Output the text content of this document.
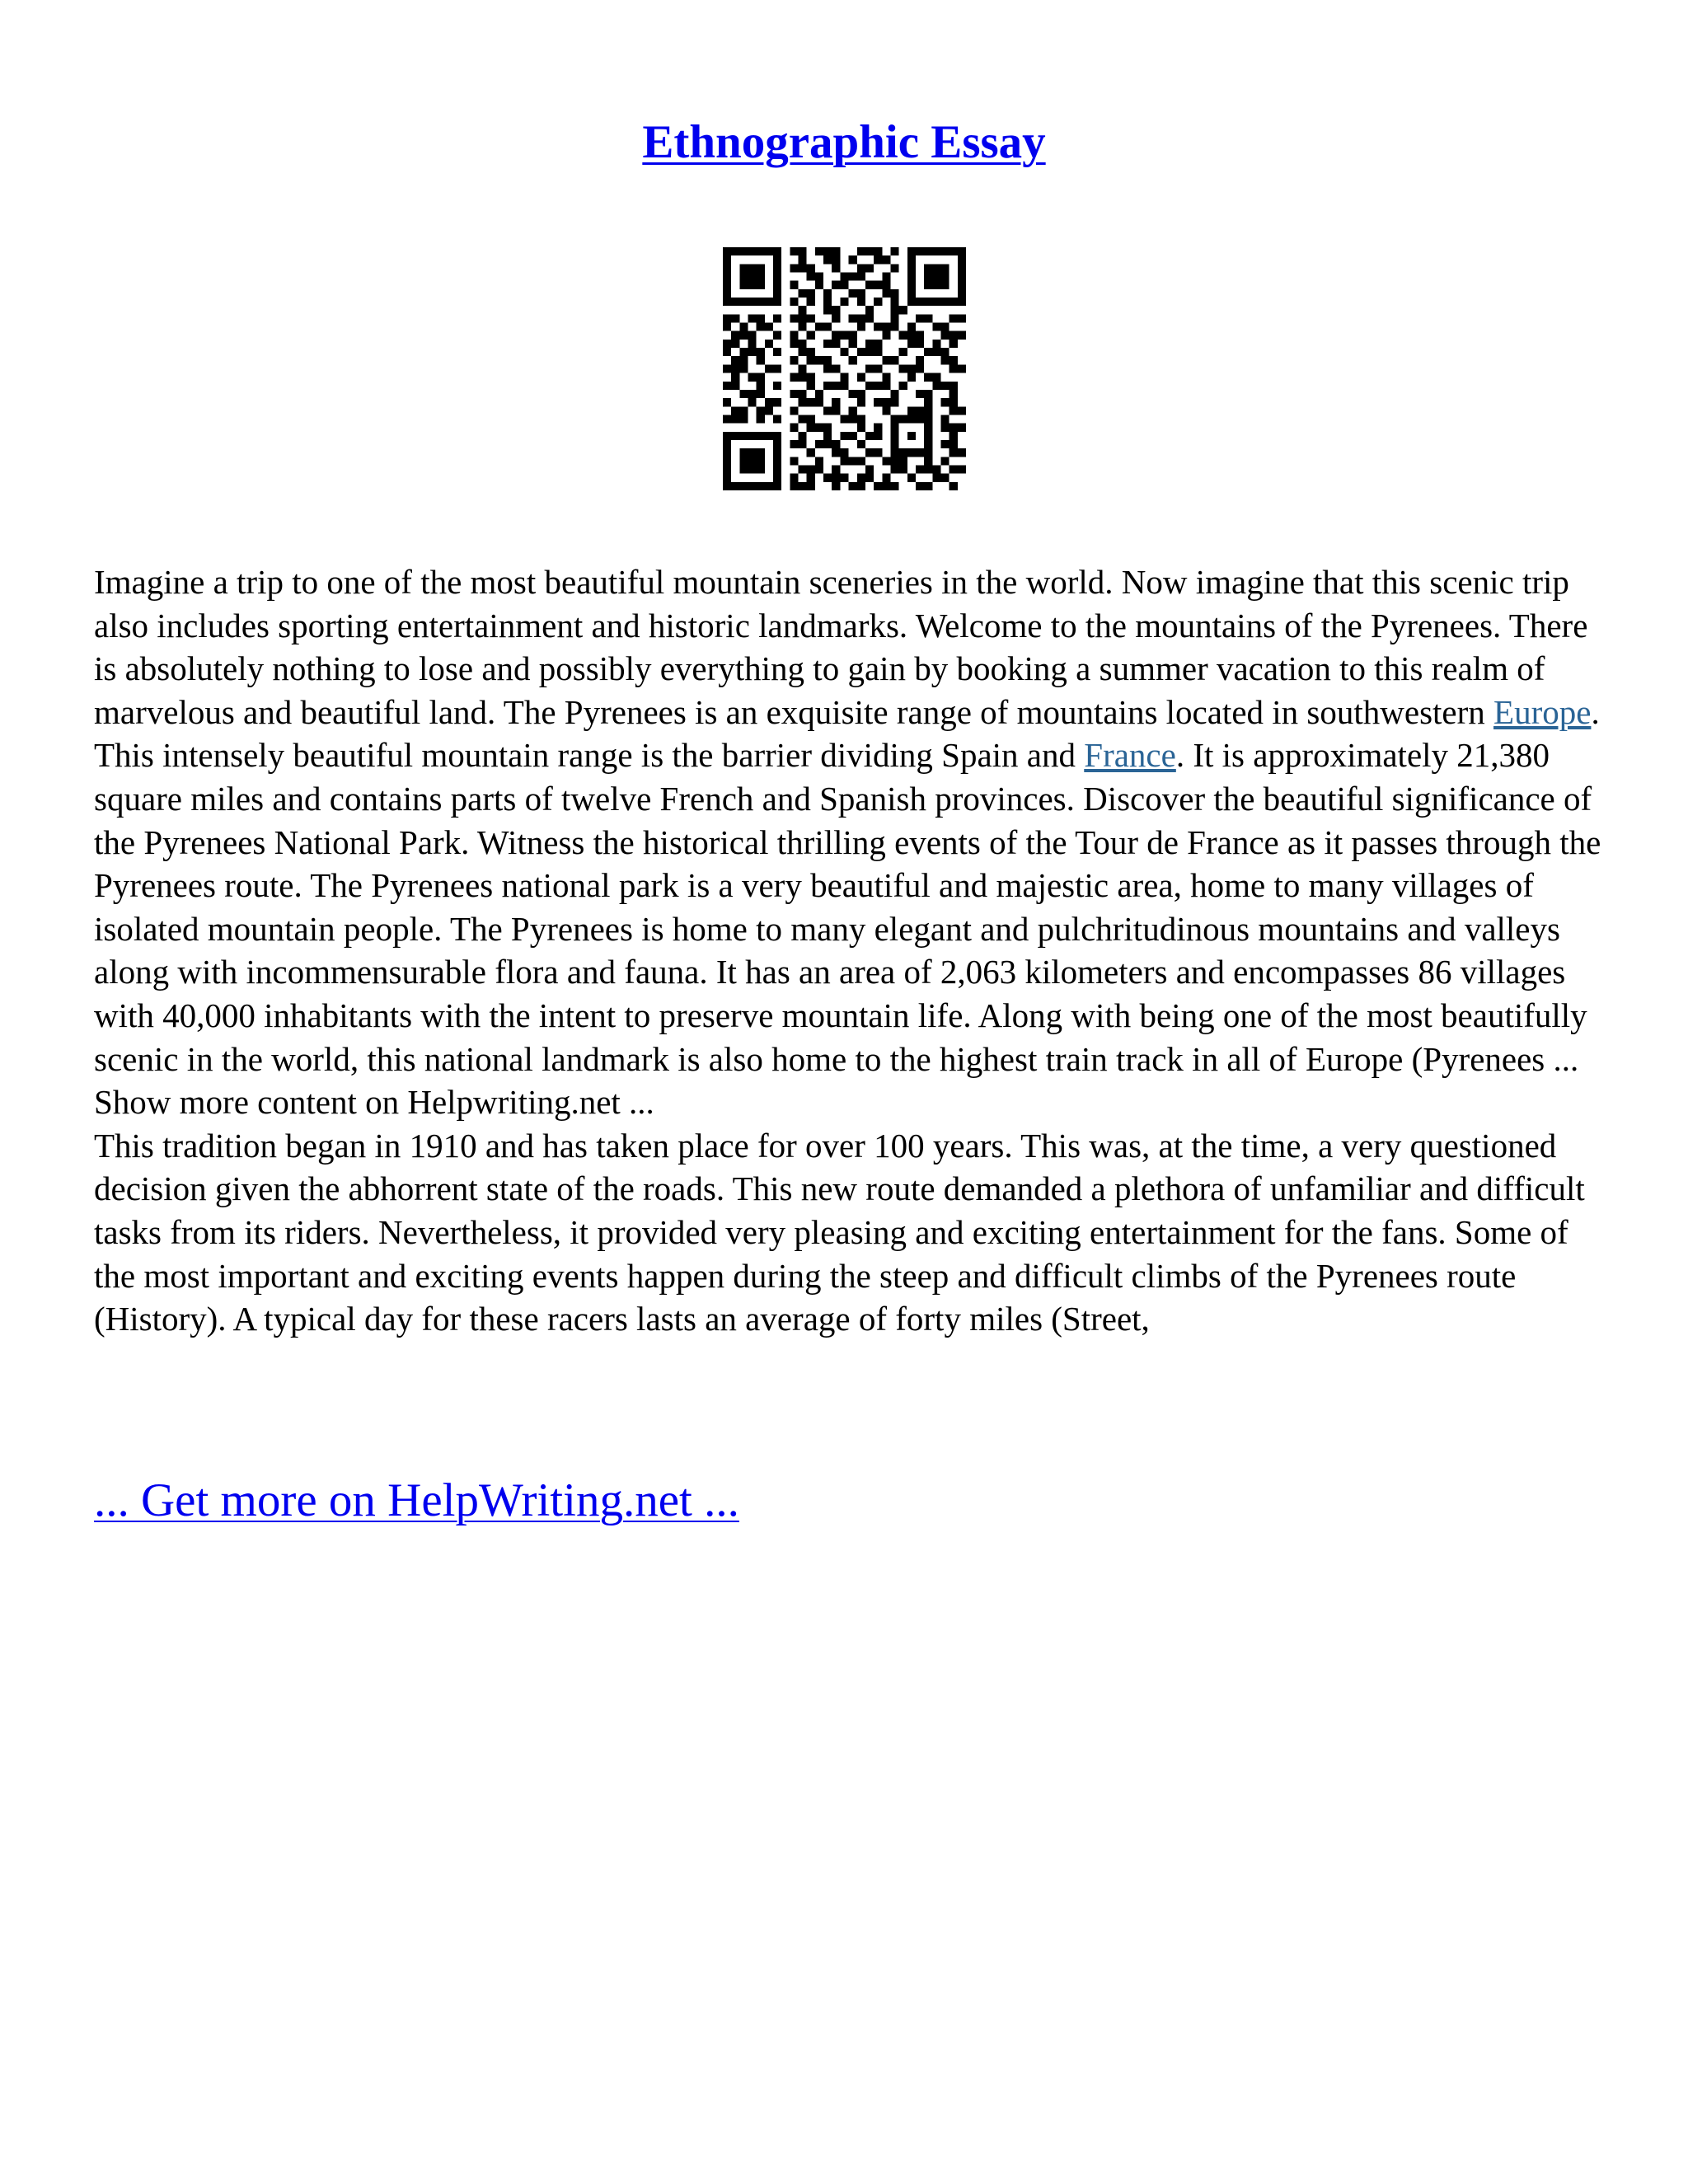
Ethnographic Essay

Imagine a trip to one of the most beautiful mountain sceneries in the world. Now imagine that this scenic trip also includes sporting entertainment and historic landmarks. Welcome to the mountains of the Pyrenees. There is absolutely nothing to lose and possibly everything to gain by booking a summer vacation to this realm of marvelous and beautiful land. The Pyrenees is an exquisite range of mountains located in southwestern Europe. This intensely beautiful mountain range is the barrier dividing Spain and France. It is approximately 21,380 square miles and contains parts of twelve French and Spanish provinces. Discover the beautiful significance of the Pyrenees National Park. Witness the historical thrilling events of the Tour de France as it passes through the Pyrenees route. The Pyrenees national park is a very beautiful and majestic area, home to many villages of isolated mountain people. The Pyrenees is home to many elegant and pulchritudinous mountains and valleys along with incommensurable flora and fauna. It has an area of 2,063 kilometers and encompasses 86 villages with 40,000 inhabitants with the intent to preserve mountain life. Along with being one of the most beautifully scenic in the world, this national landmark is also home to the highest train track in all of Europe (Pyrenees ... Show more content on Helpwriting.net ...

This tradition began in 1910 and has taken place for over 100 years. This was, at the time, a very questioned decision given the abhorrent state of the roads. This new route demanded a plethora of unfamiliar and difficult tasks from its riders. Nevertheless, it provided very pleasing and exciting entertainment for the fans. Some of the most important and exciting events happen during the steep and difficult climbs of the Pyrenees route (History). A typical day for these racers lasts an average of forty miles (Street,

... Get more on HelpWriting.net ...
